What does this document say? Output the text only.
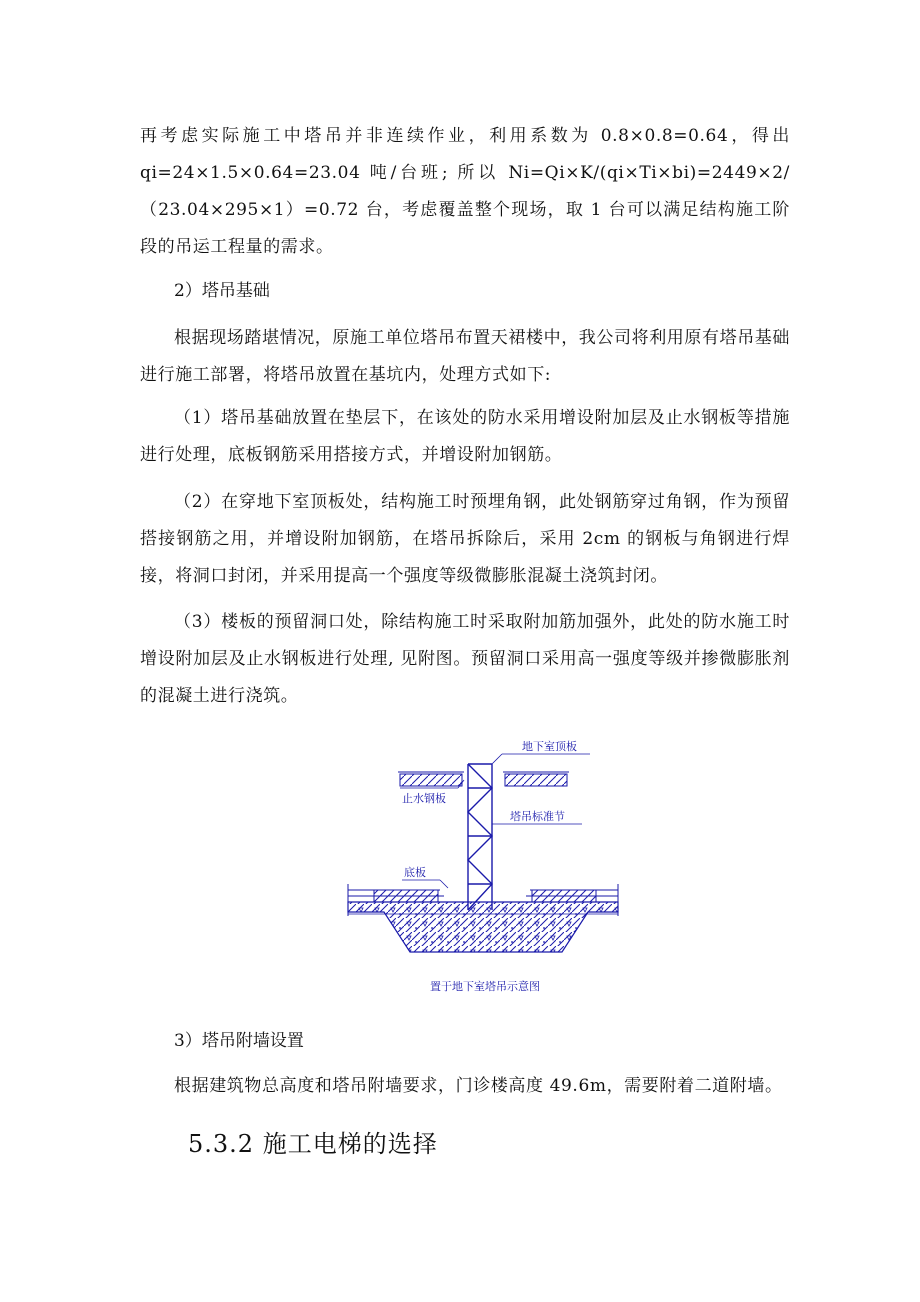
再考虑实际施工中塔吊并非连续作业，利用系数为 0.8×0.8=0.64，得出 qi=24×1.5×0.64=23.04 吨/台班; 所以 Ni=Qi×K/(qi×Ti×bi)=2449×2/（23.04×295×1）=0.72 台，考虑覆盖整个现场，取 1 台可以满足结构施工阶段的吊运工程量的需求。

2）塔吊基础

根据现场踏堪情况，原施工单位塔吊布置天裙楼中，我公司将利用原有塔吊基础进行施工部署，将塔吊放置在基坑内，处理方式如下:

（1）塔吊基础放置在垫层下，在该处的防水采用增设附加层及止水钢板等措施进行处理，底板钢筋采用搭接方式，并增设附加钢筋。

（2）在穿地下室顶板处，结构施工时预埋角钢，此处钢筋穿过角钢，作为预留搭接钢筋之用，并增设附加钢筋，在塔吊拆除后，采用 2cm 的钢板与角钢进行焊接，将洞口封闭，并采用提高一个强度等级微膨胀混凝土浇筑封闭。

（3）楼板的预留洞口处，除结构施工时采取附加筋加强外，此处的防水施工时增设附加层及止水钢板进行处理, 见附图。预留洞口采用高一强度等级并掺微膨胀剂的混凝土进行浇筑。

地下室顶板
止水钢板
塔吊标准节
底板
置于地下室塔吊示意图

3）塔吊附墙设置

根据建筑物总高度和塔吊附墙要求，门诊楼高度 49.6m，需要附着二道附墙。

5.3.2 施工电梯的选择
